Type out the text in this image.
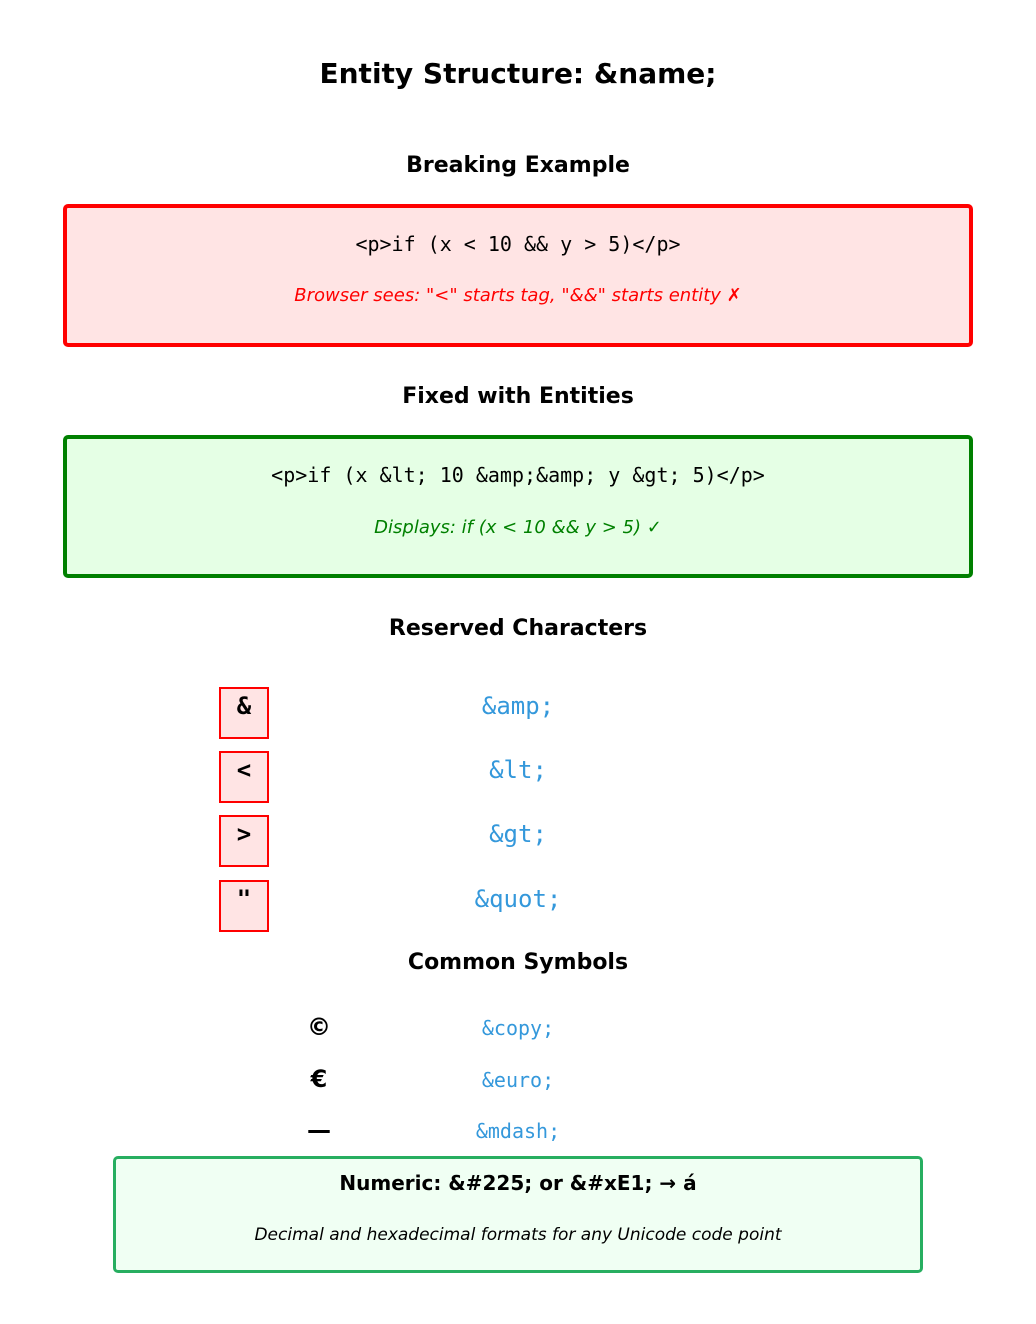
Entity Structure: &name;
Breaking Example
<p>if (x < 10 && y > 5)</p>
Browser sees: "<" starts tag, "&&" starts entity ✗
Fixed with Entities
<p>if (x &lt; 10 &amp;&amp; y &gt; 5)</p>
Displays: if (x < 10 && y > 5) ✓
Reserved Characters
&	&amp;
<	&lt;
>	&gt;
"	&quot;
Common Symbols
©	&copy;
€	&euro;
—	&mdash;
Numeric: &#225; or &#xE1; → á
Decimal and hexadecimal formats for any Unicode code point
